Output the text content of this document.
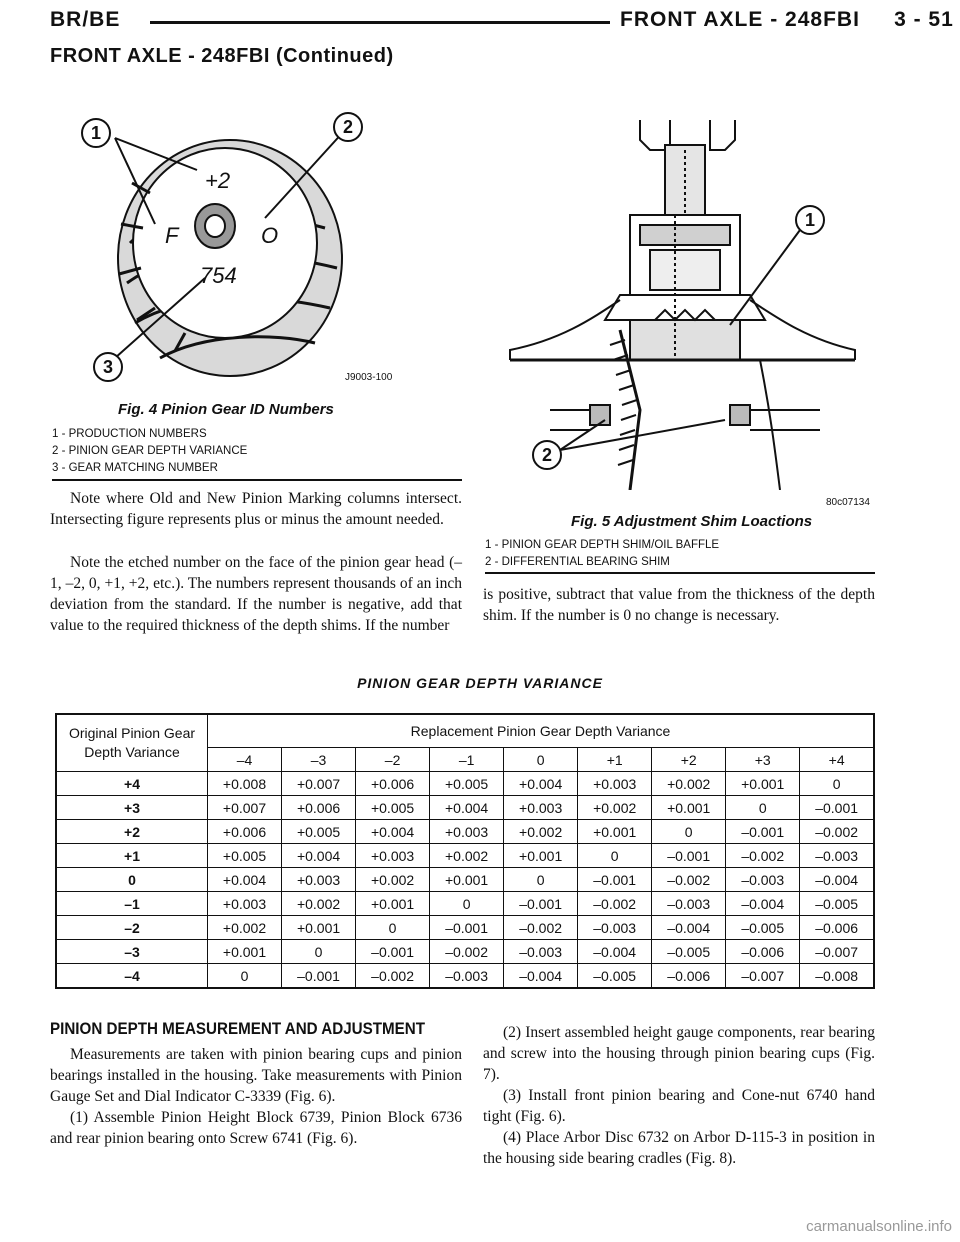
BR/BE	FRONT AXLE - 248FBI     3 - 51
FRONT AXLE - 248FBI (Continued)
+2
F	O
754
1	2
3
J9003-100
Fig. 4 Pinion Gear ID Numbers
1 - PRODUCTION NUMBERS
2 - PINION GEAR DEPTH VARIANCE
3 - GEAR MATCHING NUMBER
1
2
80c07134
Fig. 5 Adjustment Shim Loactions
1 - PINION GEAR DEPTH SHIM/OIL BAFFLE
2 - DIFFERENTIAL BEARING SHIM
Note where Old and New Pinion Marking columns intersect. Intersecting figure represents plus or minus the amount needed.
Note the etched number on the face of the pinion gear head (–1, –2, 0, +1, +2, etc.). The numbers represent thousands of an inch deviation from the standard. If the number is negative, add that value to the required thickness of the depth shims. If the number
is positive, subtract that value from the thickness of the depth shim. If the number is 0 no change is necessary.
PINION GEAR DEPTH VARIANCE
Original Pinion Gear Depth Variance	Replacement Pinion Gear Depth Variance								
	–4	–3	–2	–1	0	+1	+2	+3	+4
+4	+0.008	+0.007	+0.006	+0.005	+0.004	+0.003	+0.002	+0.001	0
+3	+0.007	+0.006	+0.005	+0.004	+0.003	+0.002	+0.001	0	–0.001
+2	+0.006	+0.005	+0.004	+0.003	+0.002	+0.001	0	–0.001	–0.002
+1	+0.005	+0.004	+0.003	+0.002	+0.001	0	–0.001	–0.002	–0.003
0	+0.004	+0.003	+0.002	+0.001	0	–0.001	–0.002	–0.003	–0.004
–1	+0.003	+0.002	+0.001	0	–0.001	–0.002	–0.003	–0.004	–0.005
–2	+0.002	+0.001	0	–0.001	–0.002	–0.003	–0.004	–0.005	–0.006
–3	+0.001	0	–0.001	–0.002	–0.003	–0.004	–0.005	–0.006	–0.007
–4	0	–0.001	–0.002	–0.003	–0.004	–0.005	–0.006	–0.007	–0.008
PINION DEPTH MEASUREMENT AND ADJUSTMENT
Measurements are taken with pinion bearing cups and pinion bearings installed in the housing. Take measurements with Pinion Gauge Set and Dial Indicator C-3339 (Fig. 6).
(1) Assemble Pinion Height Block 6739, Pinion Block 6736 and rear pinion bearing onto Screw 6741 (Fig. 6).
(2) Insert assembled height gauge components, rear bearing and screw into the housing through pinion bearing cups (Fig. 7).
(3) Install front pinion bearing and Cone-nut 6740 hand tight (Fig. 6).
(4) Place Arbor Disc 6732 on Arbor D-115-3 in position in the housing side bearing cradles (Fig. 8).
carmanualsonline.info
